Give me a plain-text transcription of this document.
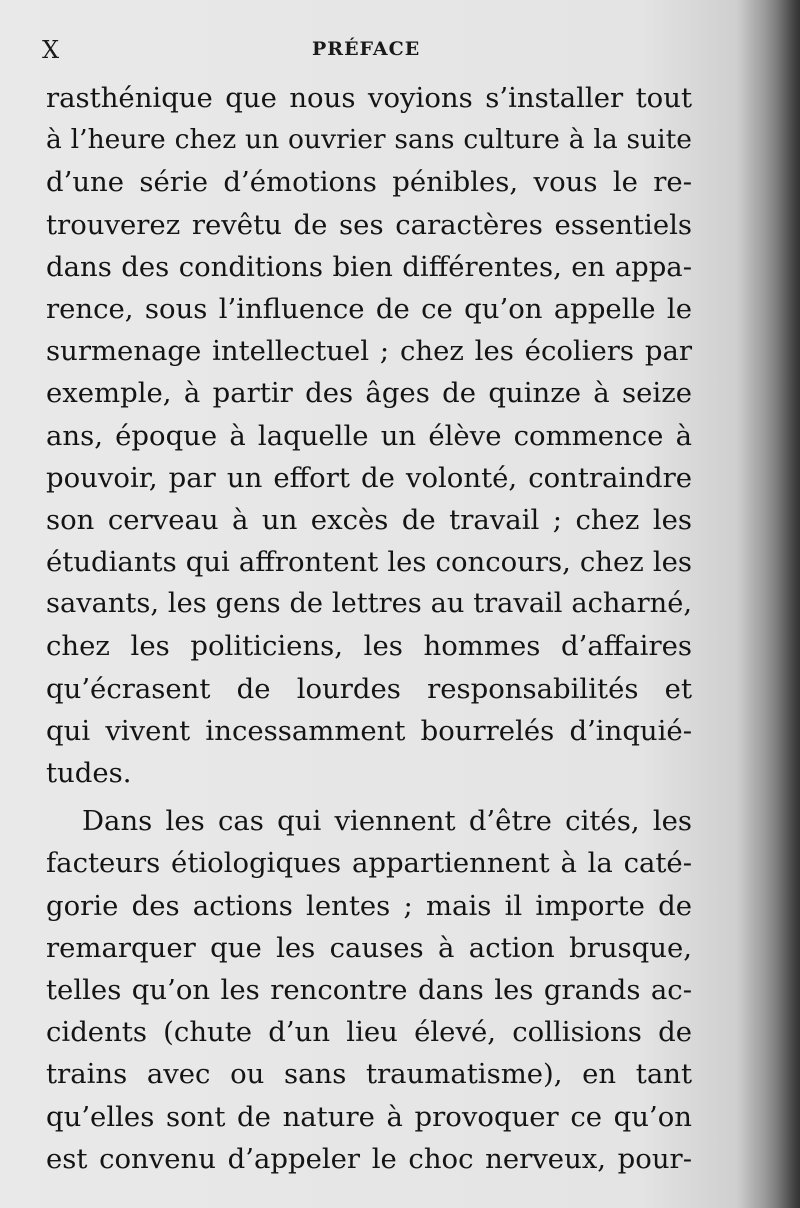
X	PRÉFACE
rasthénique que nous voyions s’installer tout
à l’heure chez un ouvrier sans culture à la suite
d’une série d’émotions pénibles, vous le re-
trouverez revêtu de ses caractères essentiels
dans des conditions bien différentes, en appa-
rence, sous l’influence de ce qu’on appelle le
surmenage intellectuel ; chez les écoliers par
exemple, à partir des âges de quinze à seize
ans, époque à laquelle un élève commence à
pouvoir, par un effort de volonté, contraindre
son cerveau à un excès de travail ; chez les
étudiants qui affrontent les concours, chez les
savants, les gens de lettres au travail acharné,
chez les politiciens, les hommes d’affaires
qu’écrasent de lourdes responsabilités et
qui vivent incessamment bourrelés d’inquié-
tudes.
Dans les cas qui viennent d’être cités, les
facteurs étiologiques appartiennent à la caté-
gorie des actions lentes ; mais il importe de
remarquer que les causes à action brusque,
telles qu’on les rencontre dans les grands ac-
cidents (chute d’un lieu élevé, collisions de
trains avec ou sans traumatisme), en tant
qu’elles sont de nature à provoquer ce qu’on
est convenu d’appeler le choc nerveux, pour-
